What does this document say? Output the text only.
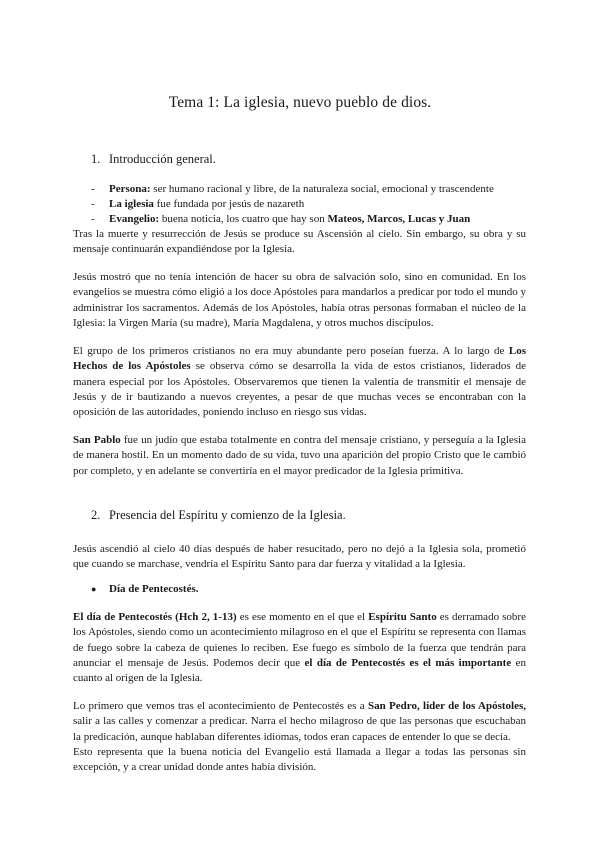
Tema 1: La iglesia, nuevo pueblo de dios.
1. Introducción general.
- Persona: ser humano racional y libre, de la naturaleza social, emocional y trascendente
- La iglesia fue fundada por jesús de nazareth
- Evangelio: buena noticia, los cuatro que hay son Mateos, Marcos, Lucas y Juan

Tras la muerte y resurrección de Jesús se produce su Ascensión al cielo. Sin embargo, su obra y su mensaje continuarán expandiéndose por la Iglesia.

Jesús mostró que no tenía intención de hacer su obra de salvación solo, sino en comunidad. En los evangelios se muestra cómo eligió a los doce Apóstoles para mandarlos a predicar por todo el mundo y administrar los sacramentos. Además de los Apóstoles, había otras personas formaban el núcleo de la Iglesia: la Virgen María (su madre), María Magdalena, y otros muchos discípulos.

El grupo de los primeros cristianos no era muy abundante pero poseían fuerza. A lo largo de Los Hechos de los Apóstoles se observa cómo se desarrolla la vida de estos cristianos, liderados de manera especial por los Apóstoles. Observaremos que tienen la valentía de transmitir el mensaje de Jesús y de ir bautizando a nuevos creyentes, a pesar de que muchas veces se encontraban con la oposición de las autoridades, poniendo incluso en riesgo sus vidas.

San Pablo fue un judío que estaba totalmente en contra del mensaje cristiano, y perseguía a la Iglesia de manera hostil. En un momento dado de su vida, tuvo una aparición del propio Cristo que le cambió por completo, y en adelante se convertiría en el mayor predicador de la Iglesia primitiva.

2. Presencia del Espíritu y comienzo de la Iglesia.

Jesús ascendió al cielo 40 días después de haber resucitado, pero no dejó a la Iglesia sola, prometió que cuando se marchase, vendría el Espíritu Santo para dar fuerza y vitalidad a la Iglesia.

● Día de Pentecostés.

El día de Pentecostés (Hch 2, 1-13) es ese momento en el que el Espíritu Santo es derramado sobre los Apóstoles, siendo como un acontecimiento milagroso en el que el Espíritu se representa con llamas de fuego sobre la cabeza de quienes lo reciben. Ese fuego es símbolo de la fuerza que tendrán para anunciar el mensaje de Jesús. Podemos decir que el día de Pentecostés es el más importante en cuanto al origen de la Iglesia.

Lo primero que vemos tras el acontecimiento de Pentecostés es a San Pedro, líder de los Apóstoles, salir a las calles y comenzar a predicar. Narra el hecho milagroso de que las personas que escuchaban la predicación, aunque hablaban diferentes idiomas, todos eran capaces de entender lo que se decía.

Esto representa que la buena noticia del Evangelio está llamada a llegar a todas las personas sin excepción, y a crear unidad donde antes había división.
